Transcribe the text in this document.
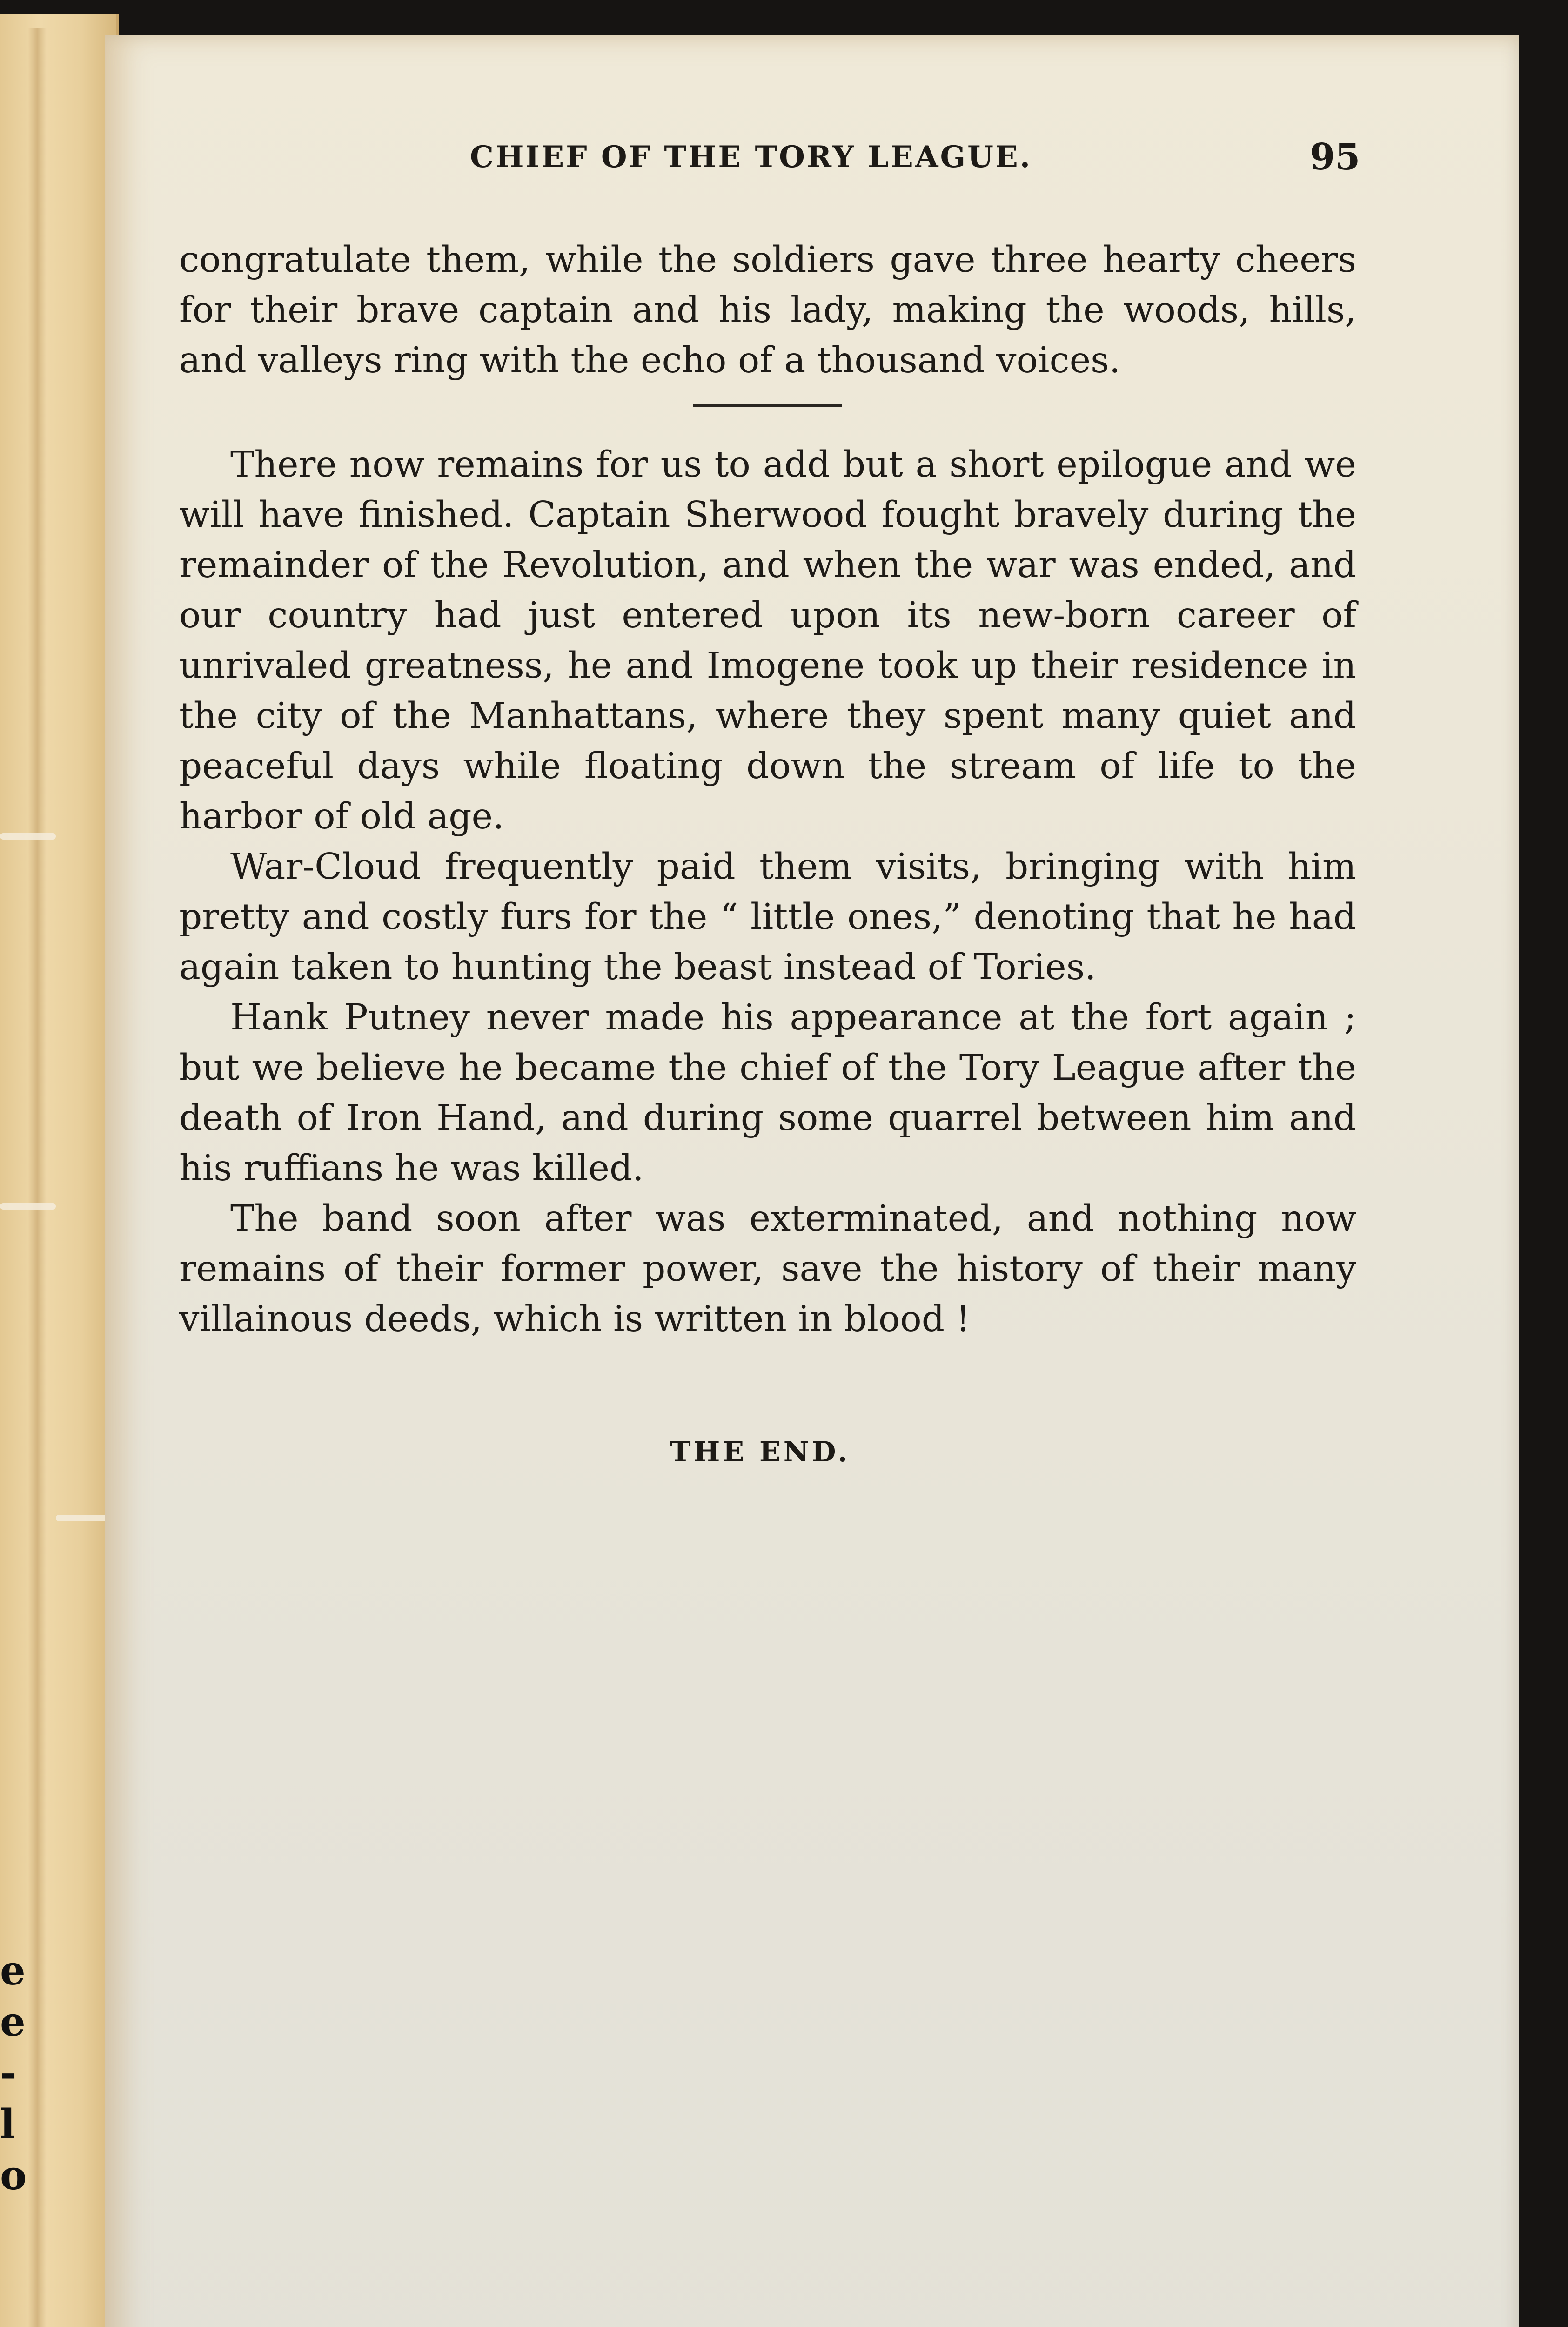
e
e
-
l
o
CHIEF OF THE TORY LEAGUE.	95

congratulate them, while the soldiers gave three hearty cheers for their brave captain and his lady, making the woods, hills, and valleys ring with the echo of a thousand voices.

There now remains for us to add but a short epilogue and we will have finished. Captain Sherwood fought bravely during the remainder of the Revolution, and when the war was ended, and our country had just entered upon its new-born career of unrivaled greatness, he and Imogene took up their residence in the city of the Manhattans, where they spent many quiet and peaceful days while floating down the stream of life to the harbor of old age.

War-Cloud frequently paid them visits, bringing with him pretty and costly furs for the “ little ones,” denoting that he had again taken to hunting the beast instead of Tories.

Hank Putney never made his appearance at the fort again ; but we believe he became the chief of the Tory League after the death of Iron Hand, and during some quarrel between him and his ruffians he was killed.

The band soon after was exterminated, and nothing now remains of their former power, save the history of their many villainous deeds, which is written in blood !

THE END.
